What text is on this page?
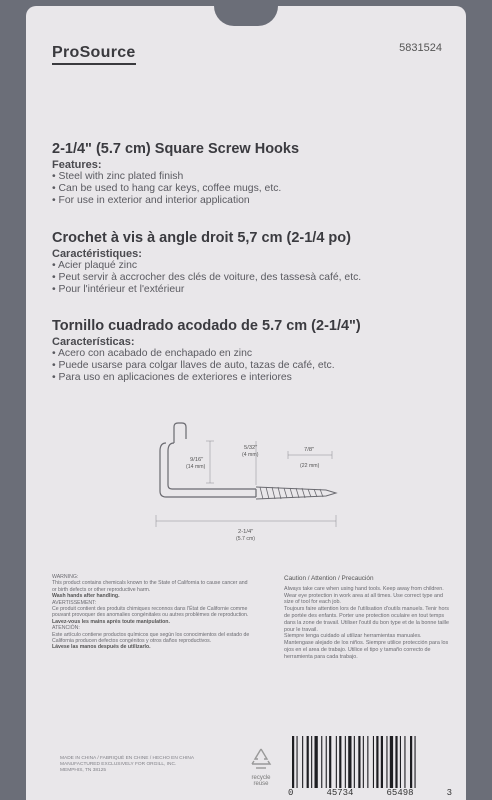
ProSource	5831524
2-1/4" (5.7 cm) Square Screw Hooks
Features:
• Steel with zinc plated finish
• Can be used to hang car keys, coffee mugs, etc.
• For use in exterior and interior application
Crochet à vis à angle droit 5,7 cm (2-1/4 po)
Caractéristiques:
• Acier plaqué zinc
• Peut servir à accrocher des clés de voiture, des tassesà café, etc.
• Pour l'intérieur et l'extérieur
Tornillo cuadrado acodado de 5.7 cm (2-1/4")
Características:
• Acero con acabado de enchapado en zinc
• Puede usarse para colgar llaves de auto, tazas de café, etc.
• Para uso en aplicaciones de exteriores e interiores
9/16"
(14 mm)
5/32"
(4 mm)
7/8"
(22 mm)
2-1/4"
(5.7 cm)
WARNING:
This product contains chemicals known to the State of California to cause cancer and or birth defects or other reproductive harm.
Wash hands after handling.
AVERTISSEMENT:
Ce produit contient des produits chimiques reconnos dans l'État de Californie comme pouvant provoquer des anomalies congénitales ou autres problèmes de reproduction.
Lavez-vous les mains après toute manipulation.
ATENCIÓN:
Este artículo contiene productos químicos que según los conocimientos del estado de California producen defectos congénitos y otros daños reproductivos.
Lávese las manos después de utilizarlo.
Caution / Attention / Precaución
Always take care when using hand tools. Keep away from children. Wear eye protection in work area at all times. Use correct type and size of tool for each job.
Toujours faire attention lors de l'utilisation d'outils manuels. Tenir hors de portée des enfants. Porter une protection oculaire en tout temps dans la zone de travail. Utiliser l'outil du bon type et de la bonne taille pour le travail.
Siempre tenga cuidado al utilizar herramientas manuales. Mantengase alejado de los niños. Siempre utilice protección para los ojos en el area de trabajo. Utilice el tipo y tamaño correcto de herramienta para cada trabajo.
MADE IN CHINA / FABRIQUÉ EN CHINE / HECHO EN CHINA
MANUFACTURED EXCLUSIVELY FOR ORGILL, INC.
MEMPHIS, TN 38125
recycle
reuse
0	45734	65498	3
